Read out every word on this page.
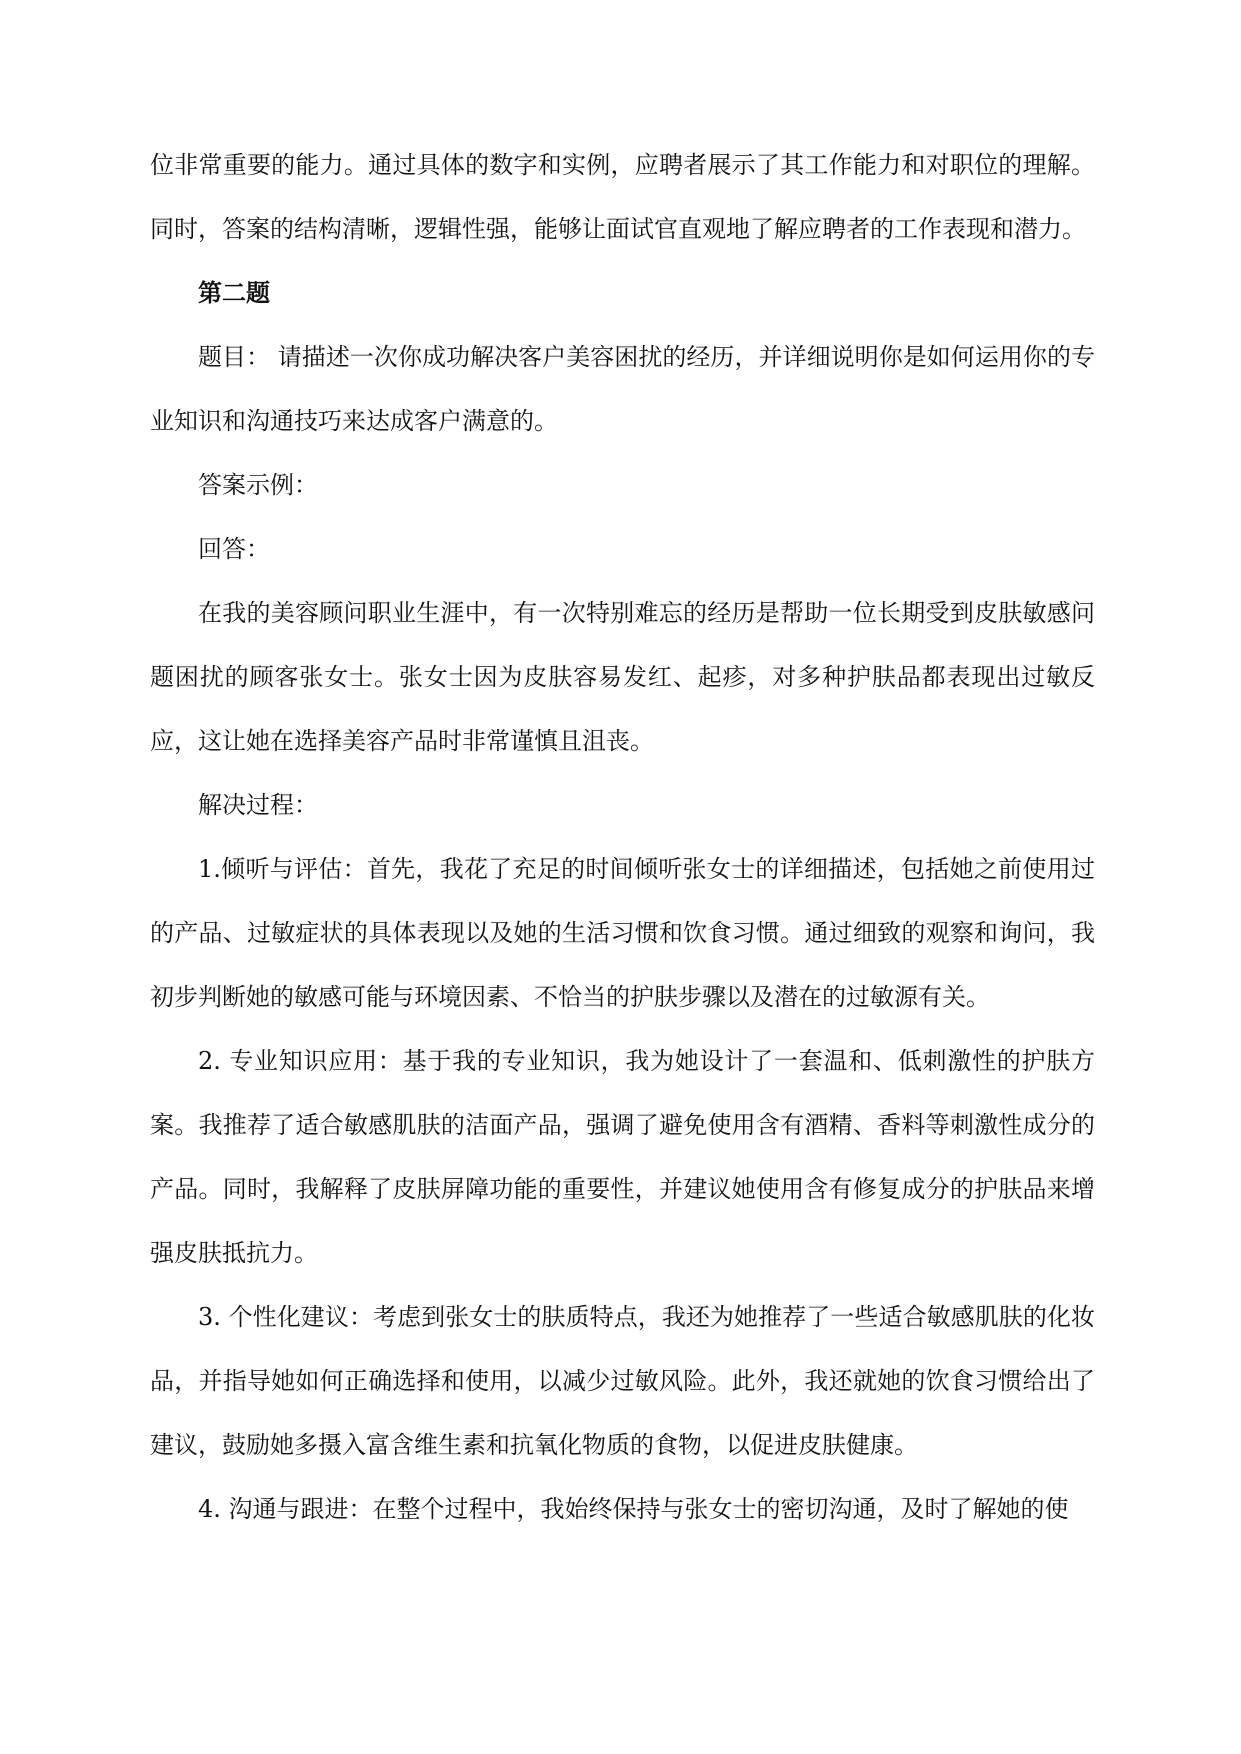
位非常重要的能力。通过具体的数字和实例，应聘者展示了其工作能力和对职位的理解。同时，答案的结构清晰，逻辑性强，能够让面试官直观地了解应聘者的工作表现和潜力。

第二题

题目： 请描述一次你成功解决客户美容困扰的经历，并详细说明你是如何运用你的专业知识和沟通技巧来达成客户满意的。

答案示例：

回答：

在我的美容顾问职业生涯中，有一次特别难忘的经历是帮助一位长期受到皮肤敏感问题困扰的顾客张女士。张女士因为皮肤容易发红、起疹，对多种护肤品都表现出过敏反应，这让她在选择美容产品时非常谨慎且沮丧。

解决过程：

1.倾听与评估：首先，我花了充足的时间倾听张女士的详细描述，包括她之前使用过的产品、过敏症状的具体表现以及她的生活习惯和饮食习惯。通过细致的观察和询问，我初步判断她的敏感可能与环境因素、不恰当的护肤步骤以及潜在的过敏源有关。

2. 专业知识应用：基于我的专业知识，我为她设计了一套温和、低刺激性的护肤方案。我推荐了适合敏感肌肤的洁面产品，强调了避免使用含有酒精、香料等刺激性成分的产品。同时，我解释了皮肤屏障功能的重要性，并建议她使用含有修复成分的护肤品来增强皮肤抵抗力。

3. 个性化建议：考虑到张女士的肤质特点，我还为她推荐了一些适合敏感肌肤的化妆品，并指导她如何正确选择和使用，以减少过敏风险。此外，我还就她的饮食习惯给出了建议，鼓励她多摄入富含维生素和抗氧化物质的食物，以促进皮肤健康。

4. 沟通与跟进：在整个过程中，我始终保持与张女士的密切沟通，及时了解她的使
